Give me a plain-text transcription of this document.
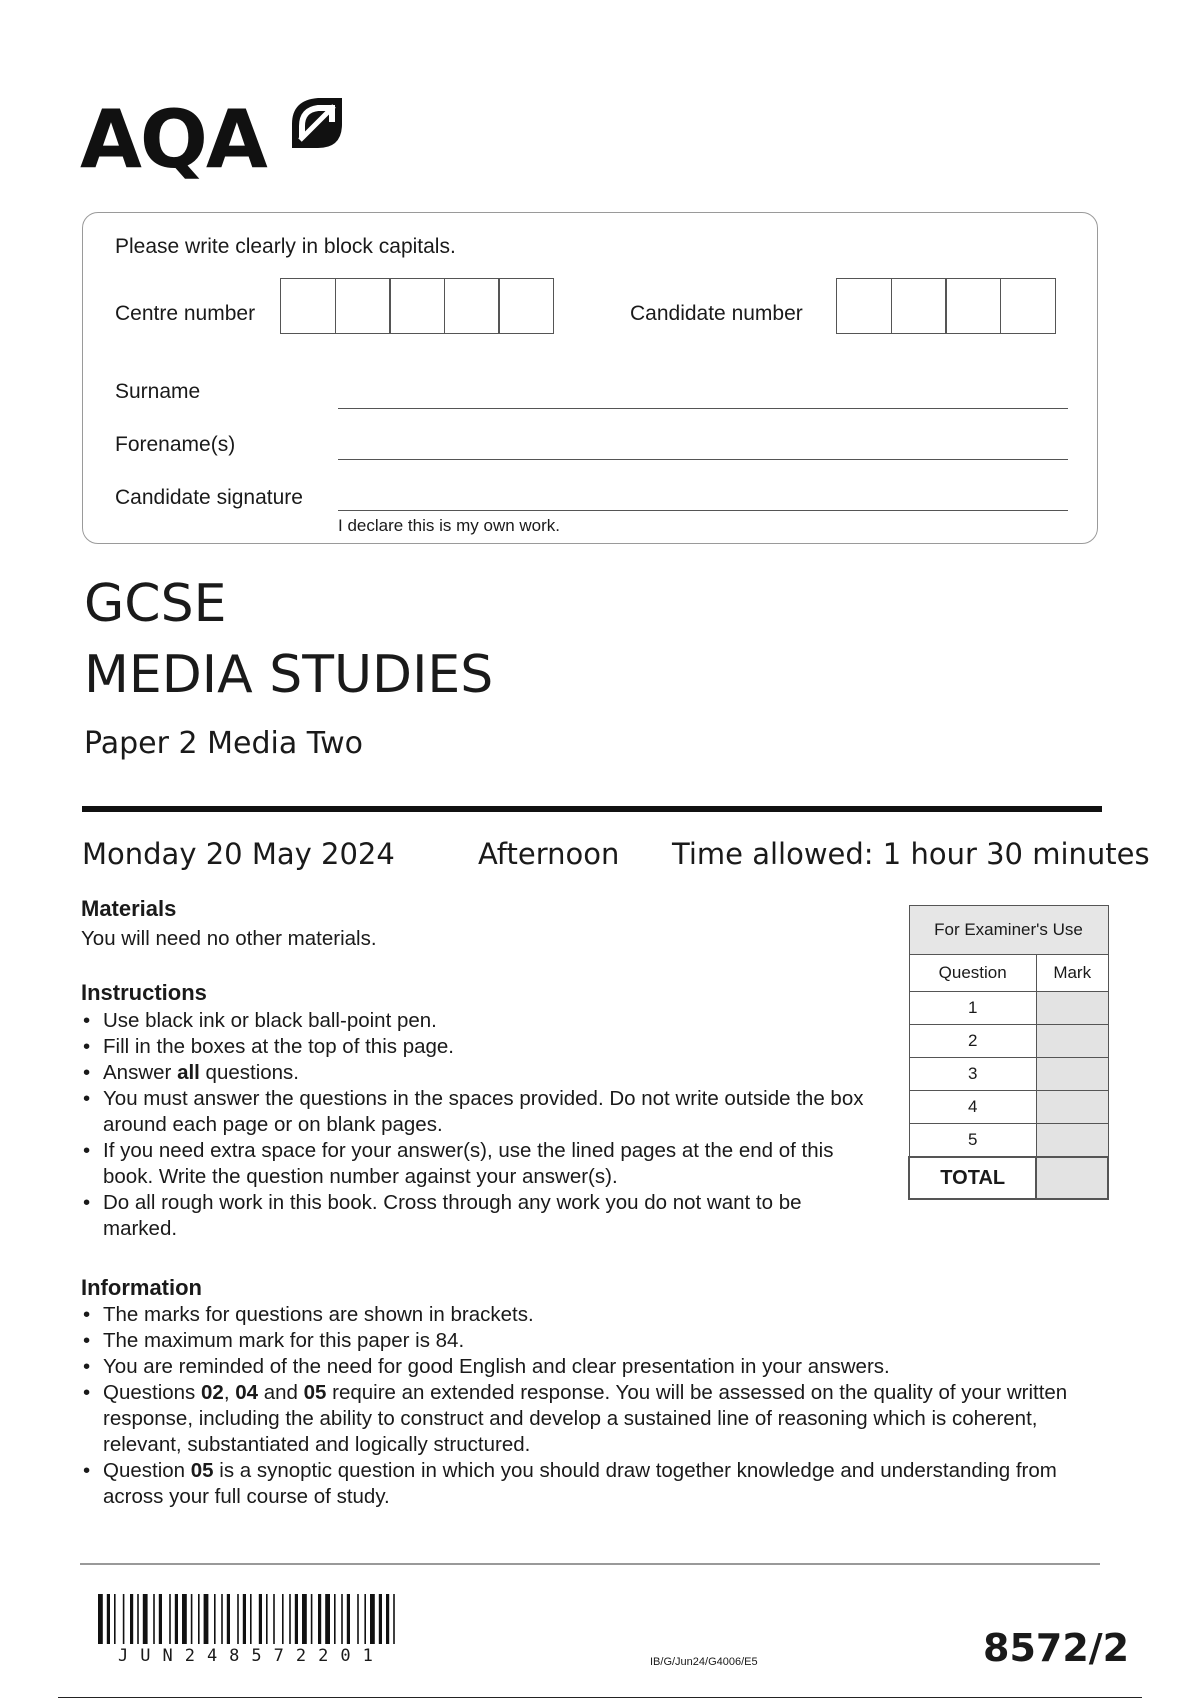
AQA
Please write clearly in block capitals.
Centre number	Candidate number
Surname
Forename(s)
Candidate signature
I declare this is my own work.
GCSE
MEDIA STUDIES
Paper 2 Media Two
Monday 20 May 2024	Afternoon Time allowed: 1 hour 30 minutes
Materials
You will need no other materials.
Instructions
• Use black ink or black ball-point pen.
• Fill in the boxes at the top of this page.
• Answer all questions.
• You must answer the questions in the spaces provided. Do not write outside the box around each page or on blank pages.
• If you need extra space for your answer(s), use the lined pages at the end of this book. Write the question number against your answer(s).
• Do all rough work in this book. Cross through any work you do not want to be marked.
Information
• The marks for questions are shown in brackets.
• The maximum mark for this paper is 84.
• You are reminded of the need for good English and clear presentation in your answers.
• Questions 02, 04 and 05 require an extended response. You will be assessed on the quality of your written response, including the ability to construct and develop a sustained line of reasoning which is coherent, relevant, substantiated and logically structured.
• Question 05 is a synoptic question in which you should draw together knowledge and understanding from across your full course of study.
For Examiner's Use	
Question	Mark
1	
2	
3	
4	
5	
TOTAL	
JUN248572201	IB/G/Jun24/G4006/E5	8572/2
